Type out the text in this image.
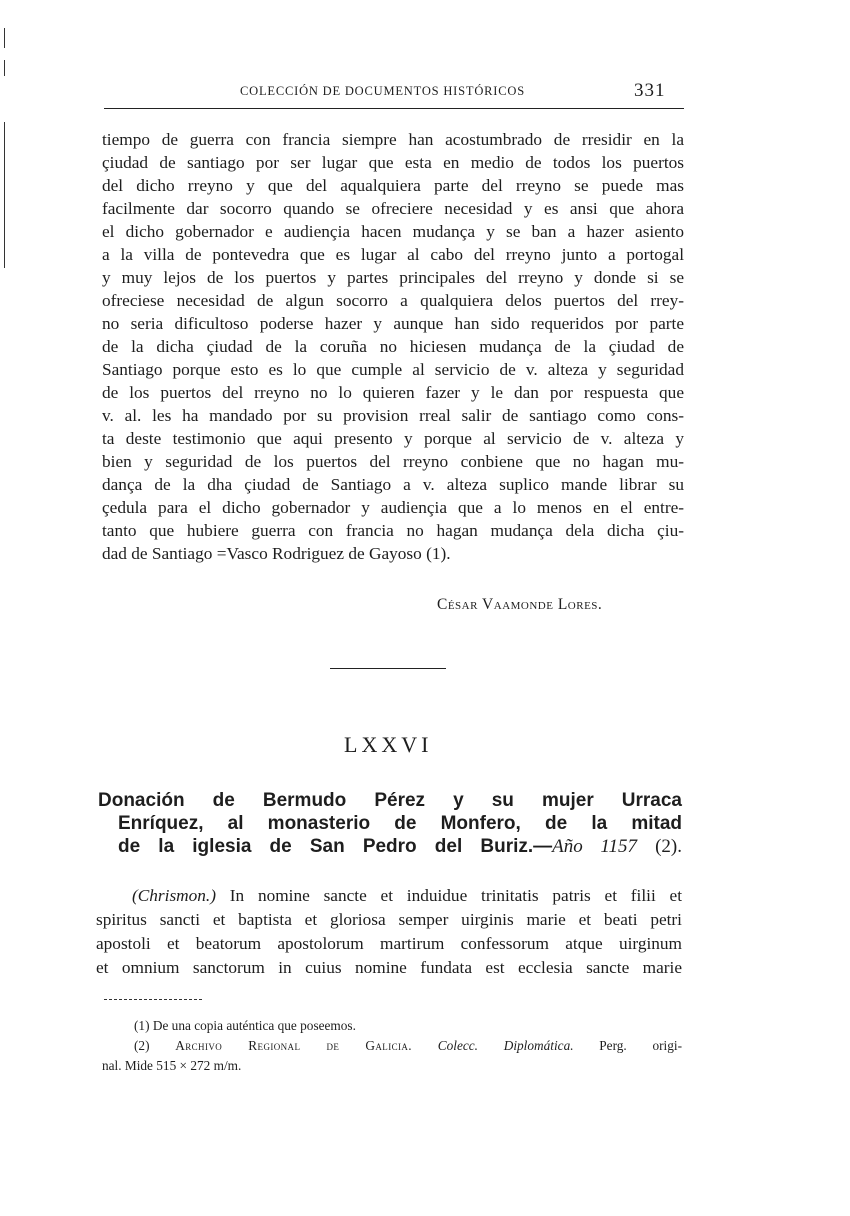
COLECCIÓN DE DOCUMENTOS HISTÓRICOS	331
tiempo de guerra con francia siempre han acostumbrado de rresidir en la
çiudad de santiago por ser lugar que esta en medio de todos los puertos
del dicho rreyno y que del aqualquiera parte del rreyno se puede mas
facilmente dar socorro quando se ofreciere necesidad y es ansi que ahora
el dicho gobernador e audiençia hacen mudança y se ban a hazer asiento
a la villa de pontevedra que es lugar al cabo del rreyno junto a portogal
y muy lejos de los puertos y partes principales del rreyno y donde si se
ofreciese necesidad de algun socorro a qualquiera delos puertos del rrey-
no seria dificultoso poderse hazer y aunque han sido requeridos por parte
de la dicha çiudad de la coruña no hiciesen mudança de la çiudad de
Santiago porque esto es lo que cumple al servicio de v. alteza y seguridad
de los puertos del rreyno no lo quieren fazer y le dan por respuesta que
v. al. les ha mandado por su provision rreal salir de santiago como cons-
ta deste testimonio que aqui presento y porque al servicio de v. alteza y
bien y seguridad de los puertos del rreyno conbiene que no hagan mu-
dança de la dha çiudad de Santiago a v. alteza suplico mande librar su
çedula para el dicho gobernador y audiençia que a lo menos en el entre-
tanto que hubiere guerra con francia no hagan mudança dela dicha çiu-
dad de Santiago =Vasco Rodriguez de Gayoso (1).
César Vaamonde Lores.
LXXVI
Donación de Bermudo Pérez y su mujer Urraca
Enríquez, al monasterio de Monfero, de la mitad
de la iglesia de San Pedro del Buriz.—Año 1157 (2).
(Chrismon.) In nomine sancte et induidue trinitatis patris et filii et
spiritus sancti et baptista et gloriosa semper uirginis marie et beati petri
apostoli et beatorum apostolorum martirum confessorum atque uirginum
et omnium sanctorum in cuius nomine fundata est ecclesia sancte marie
(1) De una copia auténtica que poseemos.
(2) Archivo Regional de Galicia. Colecc. Diplomática. Perg. origi-
nal. Mide 515 × 272 m/m.
